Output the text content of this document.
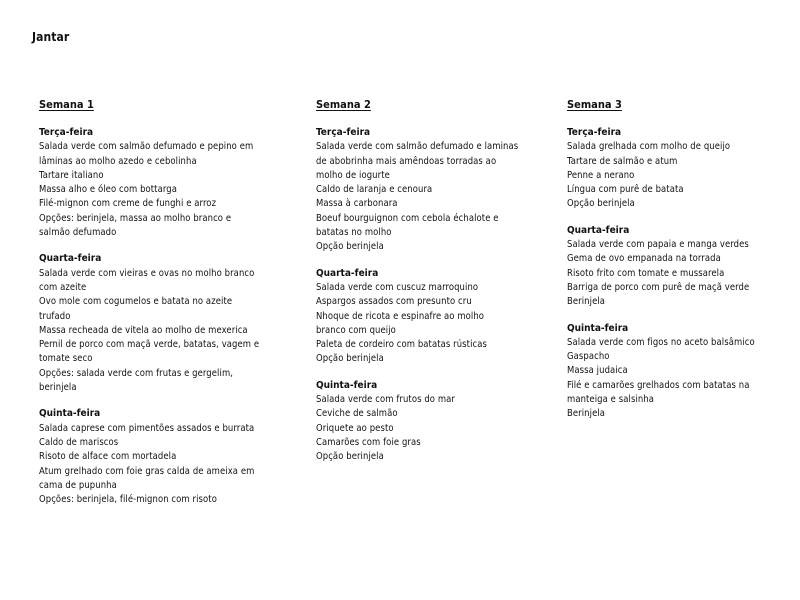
Jantar
Semana 1
Terça-feira
Salada verde com salmão defumado e pepino em
lâminas ao molho azedo e cebolinha
Tartare italiano
Massa alho e óleo com bottarga
Filé-mignon com creme de funghi e arroz
Opções: berinjela, massa ao molho branco e
salmão defumado
Quarta-feira
Salada verde com vieiras e ovas no molho branco
com azeite
Ovo mole com cogumelos e batata no azeite
trufado
Massa recheada de vitela ao molho de mexerica
Pernil de porco com maçã verde, batatas, vagem e
tomate seco
Opções: salada verde com frutas e gergelim,
berinjela
Quinta-feira
Salada caprese com pimentões assados e burrata
Caldo de mariscos
Risoto de alface com mortadela
Atum grelhado com foie gras calda de ameixa em
cama de pupunha
Opções: berinjela, filé-mignon com risoto
Semana 2
Terça-feira
Salada verde com salmão defumado e laminas
de abobrinha mais amêndoas torradas ao
molho de iogurte
Caldo de laranja e cenoura
Massa à carbonara
Boeuf bourguignon com cebola échalote e
batatas no molho
Opção berinjela
Quarta-feira
Salada verde com cuscuz marroquino
Aspargos assados com presunto cru
Nhoque de ricota e espinafre ao molho
branco com queijo
Paleta de cordeiro com batatas rústicas
Opção berinjela
Quinta-feira
Salada verde com frutos do mar
Ceviche de salmão
Oriquete ao pesto
Camarões com foie gras
Opção berinjela
Semana 3
Terça-feira
Salada grelhada com molho de queijo
Tartare de salmão e atum
Penne a nerano
Língua com purê de batata
Opção berinjela
Quarta-feira
Salada verde com papaia e manga verdes
Gema de ovo empanada na torrada
Risoto frito com tomate e mussarela
Barriga de porco com purê de maçã verde
Berinjela
Quinta-feira
Salada verde com figos no aceto balsâmico
Gaspacho
Massa judaica
Filé e camarões grelhados com batatas na
manteiga e salsinha
Berinjela
